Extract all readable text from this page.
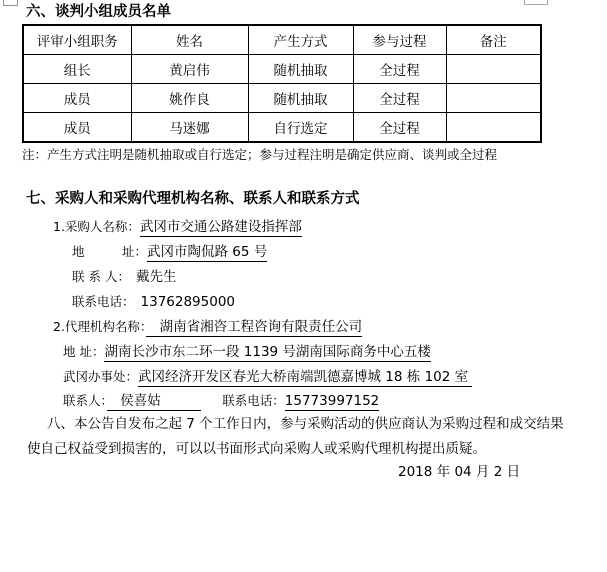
六、谈判小组成员名单
评审小组职务	姓名	产生方式	参与过程	备注
组长	黄启伟	随机抽取	全过程	
成员	姚作良	随机抽取	全过程	
成员	马迷娜	自行选定	全过程	
注：产生方式注明是随机抽取或自行选定；参与过程注明是确定供应商、谈判或全过程
七、采购人和采购代理机构名称、联系人和联系方式
1.采购人名称：武冈市交通公路建设指挥部
地　　　址：武冈市陶侃路 65 号
联 系 人： 戴先生
联系电话： 13762895000
2.代理机构名称：　湖南省湘咨工程咨询有限责任公司
地 址：湖南长沙市东二环一段 1139 号湖南国际商务中心五楼
武冈办事处：武冈经济开发区春光大桥南端凯德嘉博城 18 栋 102 室
联系人：　侯喜姑　　　联系电话：15773997152
八、本公告自发布之起 7 个工作日内，参与采购活动的供应商认为采购过程和成交结果
使自己权益受到损害的，可以以书面形式向采购人或采购代理机构提出质疑。
2018 年 04 月 2 日
